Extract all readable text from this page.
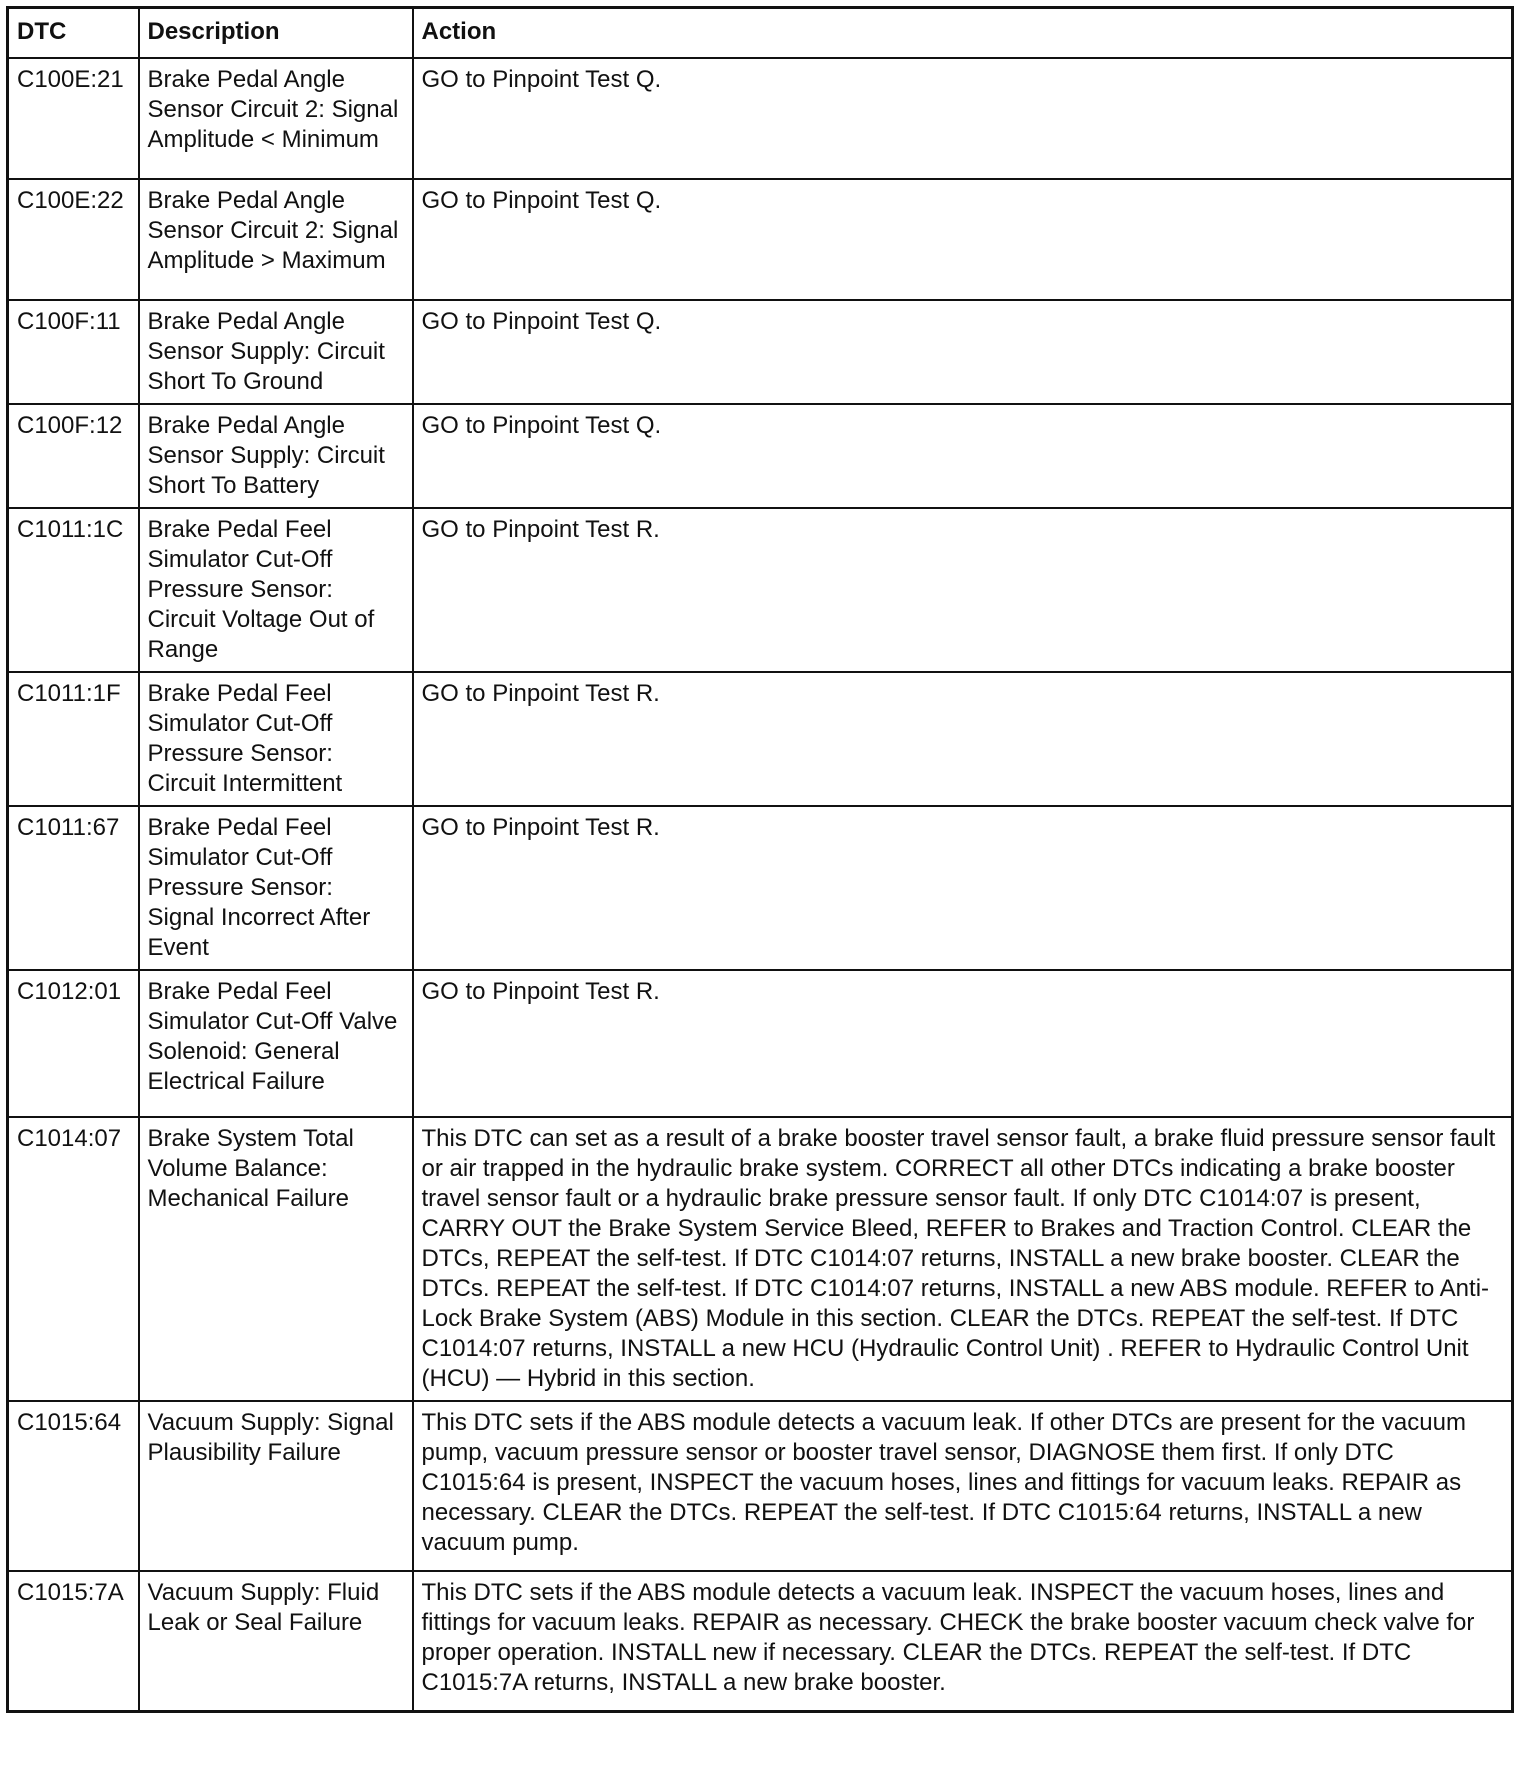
DTC	Description	Action
C100E:21	Brake Pedal Angle Sensor Circuit 2: Signal Amplitude < Minimum	GO to Pinpoint Test Q.
C100E:22	Brake Pedal Angle Sensor Circuit 2: Signal Amplitude > Maximum	GO to Pinpoint Test Q.
C100F:11	Brake Pedal Angle Sensor Supply: Circuit Short To Ground	GO to Pinpoint Test Q.
C100F:12	Brake Pedal Angle Sensor Supply: Circuit Short To Battery	GO to Pinpoint Test Q.
C1011:1C	Brake Pedal Feel Simulator Cut-Off Pressure Sensor: Circuit Voltage Out of Range	GO to Pinpoint Test R.
C1011:1F	Brake Pedal Feel Simulator Cut-Off Pressure Sensor: Circuit Intermittent	GO to Pinpoint Test R.
C1011:67	Brake Pedal Feel Simulator Cut-Off Pressure Sensor: Signal Incorrect After Event	GO to Pinpoint Test R.
C1012:01	Brake Pedal Feel Simulator Cut-Off Valve Solenoid: General Electrical Failure	GO to Pinpoint Test R.
C1014:07	Brake System Total Volume Balance: Mechanical Failure	This DTC can set as a result of a brake booster travel sensor fault, a brake fluid pressure sensor fault or air trapped in the hydraulic brake system. CORRECT all other DTCs indicating a brake booster travel sensor fault or a hydraulic brake pressure sensor fault. If only DTC C1014:07 is present, CARRY OUT the Brake System Service Bleed, REFER to Brakes and Traction Control. CLEAR the DTCs, REPEAT the self-test. If DTC C1014:07 returns, INSTALL a new brake booster. CLEAR the DTCs. REPEAT the self-test. If DTC C1014:07 returns, INSTALL a new ABS module. REFER to Anti-Lock Brake System (ABS) Module in this section. CLEAR the DTCs. REPEAT the self-test. If DTC C1014:07 returns, INSTALL a new HCU (Hydraulic Control Unit) . REFER to Hydraulic Control Unit (HCU) — Hybrid in this section.
C1015:64	Vacuum Supply: Signal Plausibility Failure	This DTC sets if the ABS module detects a vacuum leak. If other DTCs are present for the vacuum pump, vacuum pressure sensor or booster travel sensor, DIAGNOSE them first. If only DTC C1015:64 is present, INSPECT the vacuum hoses, lines and fittings for vacuum leaks. REPAIR as necessary. CLEAR the DTCs. REPEAT the self-test. If DTC C1015:64 returns, INSTALL a new vacuum pump.
C1015:7A	Vacuum Supply: Fluid Leak or Seal Failure	This DTC sets if the ABS module detects a vacuum leak. INSPECT the vacuum hoses, lines and fittings for vacuum leaks. REPAIR as necessary. CHECK the brake booster vacuum check valve for proper operation. INSTALL new if necessary. CLEAR the DTCs. REPEAT the self-test. If DTC C1015:7A returns, INSTALL a new brake booster.
